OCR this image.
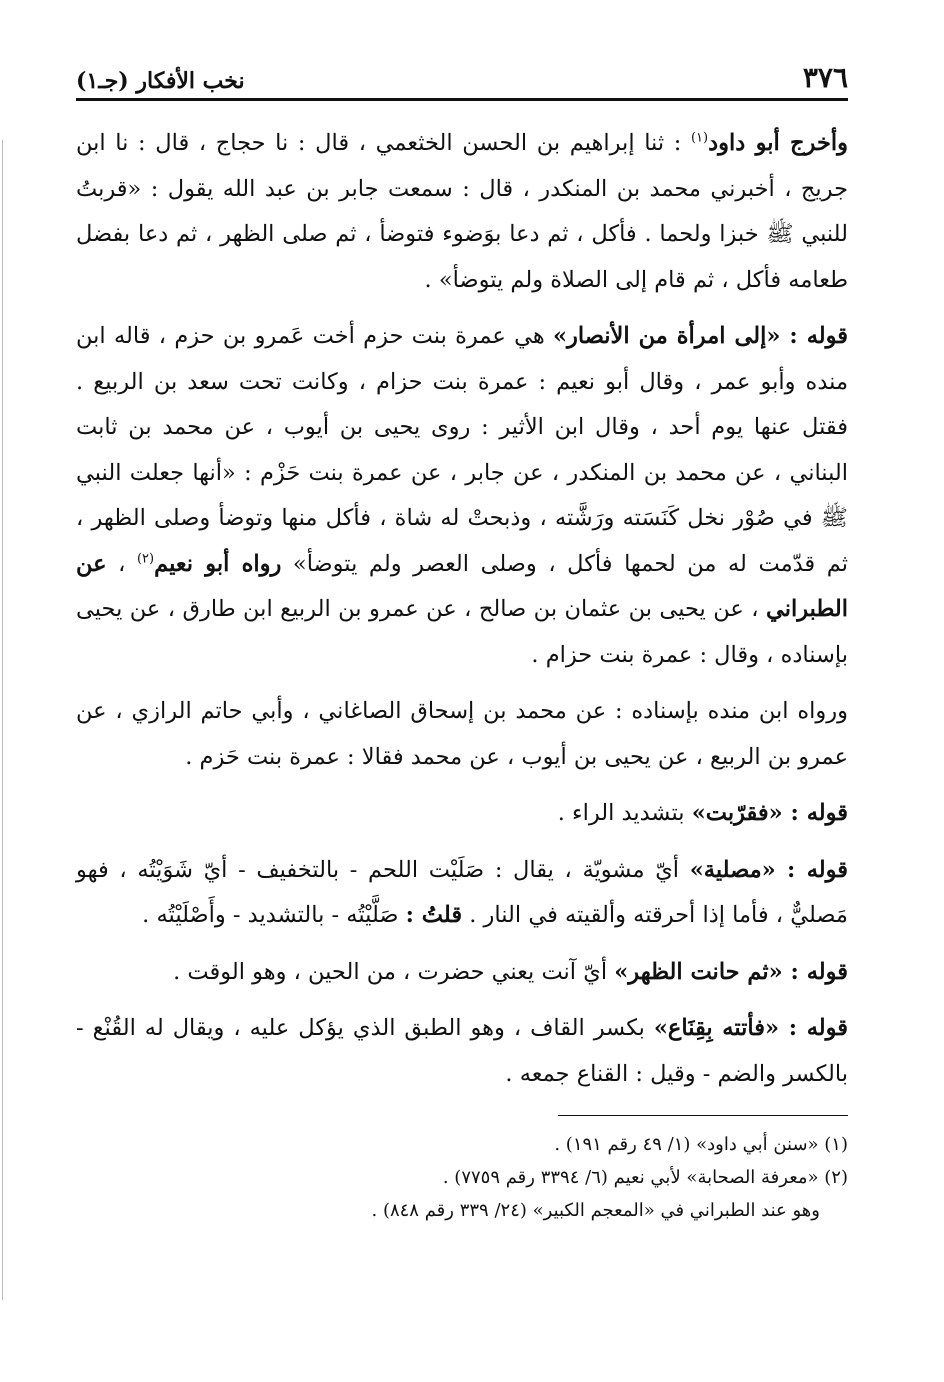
٣٧٦
نخب الأفكار (جـ١)

وأخرج أبو داود$^{(١)}$ : ثنا إبراهيم بن الحسن الخثعمي ، قال : نا حجاج ، قال : نا ابن جريج ، أخبرني محمد بن المنكدر ، قال : سمعت جابر بن عبد الله يقول : «قربتُ للنبي ﷺ خبزا ولحما . فأكل ، ثم دعا بوَضوء فتوضأ ، ثم صلى الظهر ، ثم دعا بفضل طعامه فأكل ، ثم قام إلى الصلاة ولم يتوضأ» .

قوله : «إلى امرأة من الأنصار» هي عمرة بنت حزم أخت عَمرو بن حزم ، قاله ابن منده وأبو عمر ، وقال أبو نعيم : عمرة بنت حزام ، وكانت تحت سعد بن الربيع . فقتل عنها يوم أحد ، وقال ابن الأثير : روى يحيى بن أيوب ، عن محمد بن ثابت البناني ، عن محمد بن المنكدر ، عن جابر ، عن عمرة بنت حَزْم : «أنها جعلت النبي ﷺ في صُوْر نخل كَنَسَته ورَشَّته ، وذبحتْ له شاة ، فأكل منها وتوضأ وصلى الظهر ، ثم قدّمت له من لحمها فأكل ، وصلى العصر ولم يتوضأ» رواه أبو نعيم$^{(٢)}$ ، عن الطبراني ، عن يحيى بن عثمان بن صالح ، عن عمرو بن الربيع ابن طارق ، عن يحيى بإسناده ، وقال : عمرة بنت حزام .

ورواه ابن منده بإسناده : عن محمد بن إسحاق الصاغاني ، وأبي حاتم الرازي ، عن عمرو بن الربيع ، عن يحيى بن أيوب ، عن محمد فقالا : عمرة بنت حَزم .

قوله : «فقرّبت» بتشديد الراء .

قوله : «مصلية» أيّ مشويّة ، يقال : صَلَيْت اللحم - بالتخفيف - أيّ شَوَيْتُه ، فهو مَصليٌّ ، فأما إذا أحرقته وألقيته في النار . قلتُ : صَلَّيْتُه - بالتشديد - وأَصْلَيْتُه .

قوله : «ثم حانت الظهر» أيّ آنت يعني حضرت ، من الحين ، وهو الوقت .

قوله : «فأتته بِقِنَاع» بكسر القاف ، وهو الطبق الذي يؤكل عليه ، ويقال له القُنْع - بالكسر والضم - وقيل : القناع جمعه .

(١) «سنن أبي داود» (١/ ٤٩ رقم ١٩١) .

(٢) «معرفة الصحابة» لأبي نعيم (٦/ ٣٣٩٤ رقم ٧٧٥٩) .

وهو عند الطبراني في «المعجم الكبير» (٢٤/ ٣٣٩ رقم ٨٤٨) .
